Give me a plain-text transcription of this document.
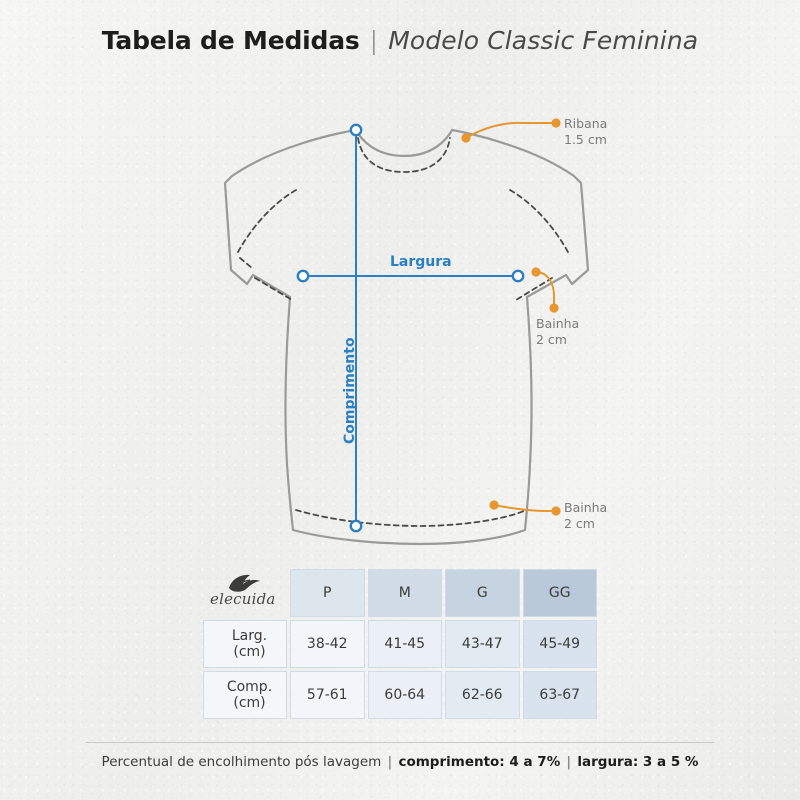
Tabela de Medidas | Modelo Classic Feminina
Largura
Comprimento
Ribana
1.5 cm
Bainha
2 cm
Bainha
2 cm
elecuida	P	M	G	GG
Larg. (cm)	38-42	41-45	43-47	45-49
Comp. (cm)	57-61	60-64	62-66	63-67
Percentual de encolhimento pós lavagem | comprimento: 4 a 7% | largura: 3 a 5 %
